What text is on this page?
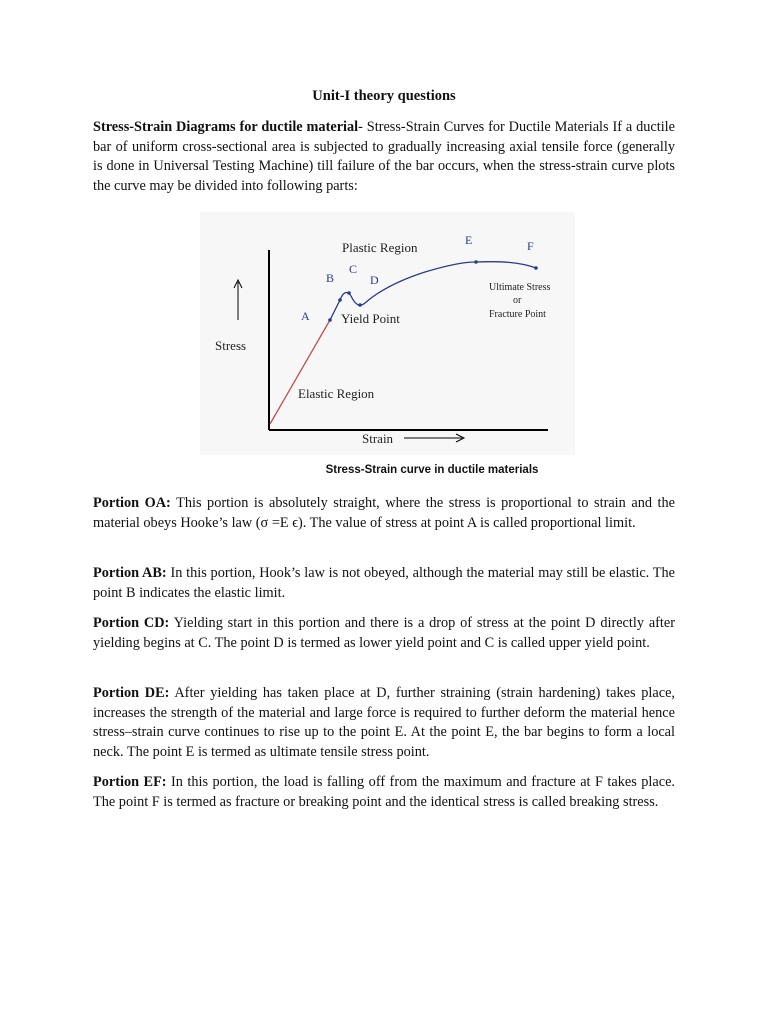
Unit-I theory questions

Stress-Strain Diagrams for ductile material- Stress-Strain Curves for Ductile Materials If a ductile bar of uniform cross-sectional area is subjected to gradually increasing axial tensile force (generally is done in Universal Testing Machine) till failure of the bar occurs, when the stress-strain curve plots the curve may be divided into following parts:

Plastic Region
Yield Point
Elastic Region
Stress
Strain
Ultimate Stress
or
Fracture Point
A
B
C
D
E	F
Stress-Strain curve in ductile materials

Portion OA: This portion is absolutely straight, where the stress is proportional to strain and the material obeys Hooke’s law (σ =E ϵ). The value of stress at point A is called proportional limit.

Portion AB: In this portion, Hook’s law is not obeyed, although the material may still be elastic. The point B indicates the elastic limit.

Portion CD: Yielding start in this portion and there is a drop of stress at the point D directly after yielding begins at C. The point D is termed as lower yield point and C is called upper yield point.

Portion DE: After yielding has taken place at D, further straining (strain hardening) takes place, increases the strength of the material and large force is required to further deform the material hence stress–strain curve continues to rise up to the point E. At the point E, the bar begins to form a local neck. The point E is termed as ultimate tensile stress point.

Portion EF: In this portion, the load is falling off from the maximum and fracture at F takes place. The point F is termed as fracture or breaking point and the identical stress is called breaking stress.
